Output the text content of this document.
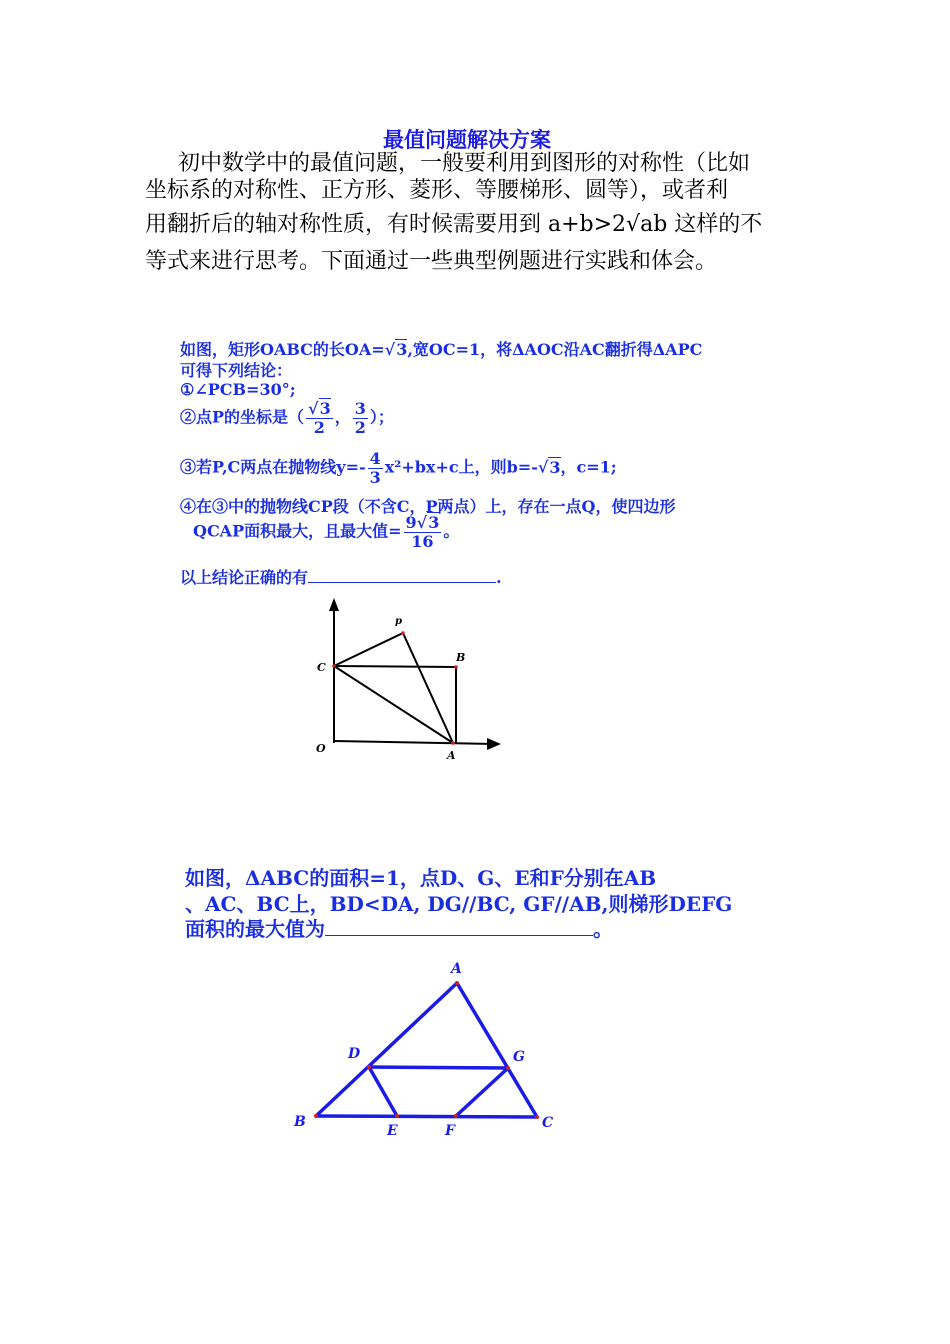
最值问题解决方案
初中数学中的最值问题，一般要利用到图形的对称性（比如
坐标系的对称性、正方形、菱形、等腰梯形、圆等），或者利
用翻折后的轴对称性质，有时候需要用到 a+b>2√ab 这样的不
等式来进行思考。下面通过一些典型例题进行实践和体会。
如图，矩形OABC的长OA=√3,宽OC=1，将ΔAOC沿AC翻折得ΔAPC
可得下列结论：
①∠PCB=30°;
②点P的坐标是（ $\frac{√3}{2}$ ， $\frac{3}{2}$ ）；
③若P,C两点在抛物线$y=- \frac{4}{3} x^2+bx+c$上，则b=-√3，c=1;
④在③中的抛物线CP段（不含C，P两点）上，存在一点Q，使四边形
QCAP面积最大，且最大值= $\frac{9√3}{16}$ 。
以上结论正确的有	.
p
C
B
O
A
如图，ΔABC的面积=1，点D、G、E和F分别在AB
、AC、BC上，BD<DA, DG//BC, GF//AB,则梯形DEFG
面积的最大值为	。
A
B	C
D	G
E	F
